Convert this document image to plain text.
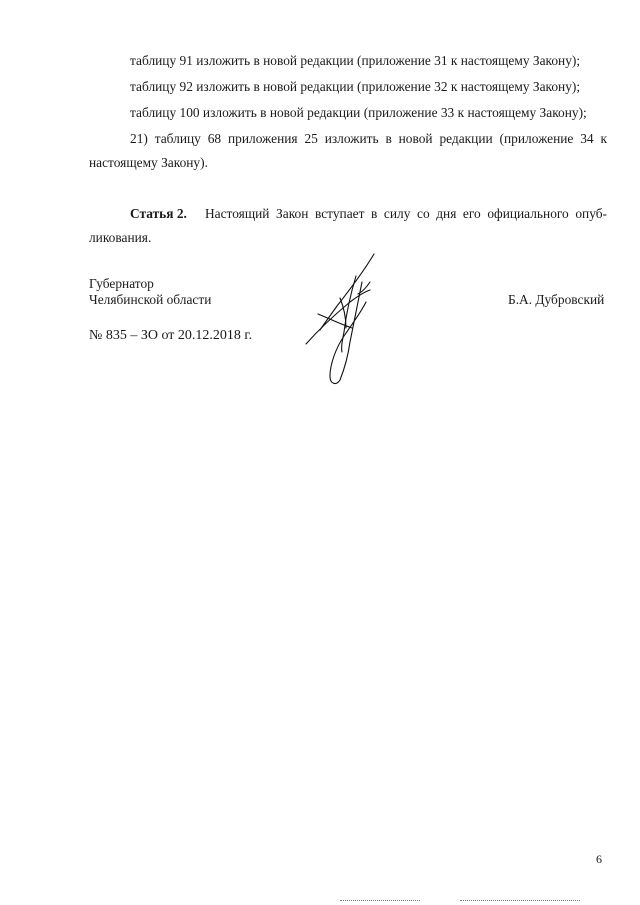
таблицу 91 изложить в новой редакции (приложение 31 к настоящему Закону);
таблицу 92 изложить в новой редакции (приложение 32 к настоящему Закону);
таблицу 100 изложить в новой редакции (приложение 33 к настоящему Закону);
21) таблицу 68 приложения 25 изложить в новой редакции (приложение 34 к
настоящему Закону).
Статья 2. Настоящий Закон вступает в силу со дня его официального опуб-
ликования.
Губернатор
Челябинской области	Б.А. Дубровский
№ 835 – ЗО от 20.12.2018 г.
6
